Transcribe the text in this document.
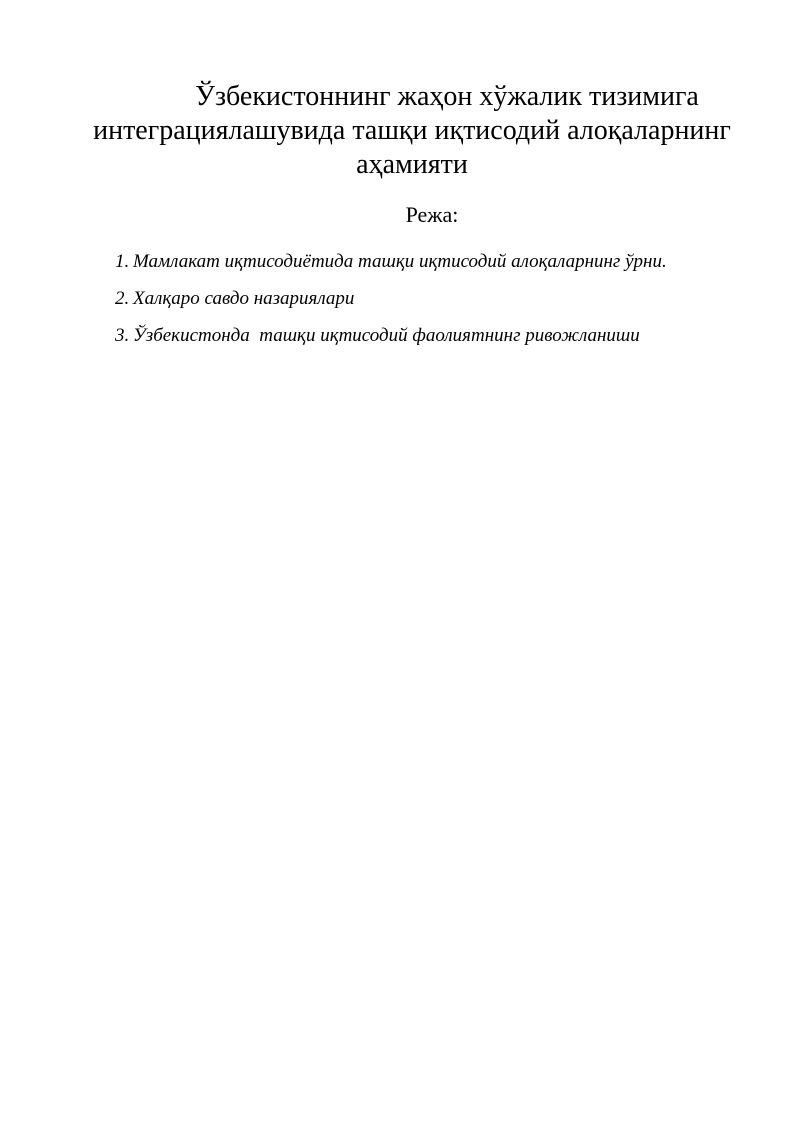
Ўзбекистоннинг жаҳон хўжалик тизимига
интеграциялашувида ташқи иқтисодий алоқаларнинг
аҳамияти
Режа:
1. Мамлакат иқтисодиётида ташқи иқтисодий алоқаларнинг ўрни.
2. Халқаро савдо назариялари
3. Ўзбекистонда  ташқи иқтисодий фаолиятнинг ривожланиши
